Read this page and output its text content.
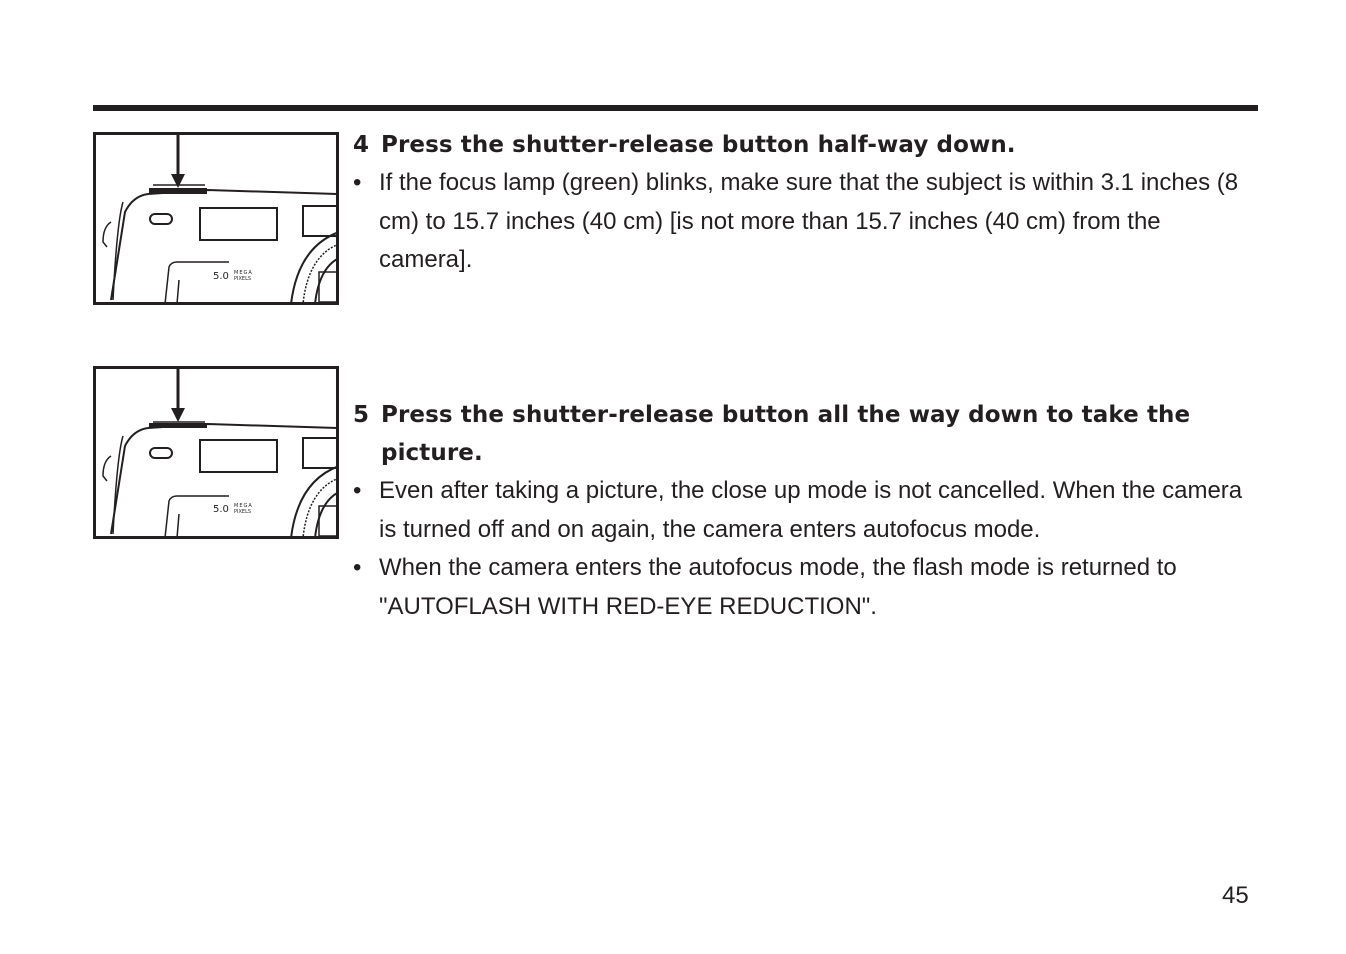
5.0 MEGA
PIXELS
5.0 MEGA
PIXELS
4 Press the shutter-release button half-way down.
• If the focus lamp (green) blinks, make sure that the subject is within 3.1 inches (8 cm) to 15.7 inches (40 cm) [is not more than 15.7 inches (40 cm) from the camera].
5 Press the shutter-release button all the way down to take the picture.
• Even after taking a picture, the close up mode is not cancelled. When the camera is turned off and on again, the camera enters autofocus mode.
• When the camera enters the autofocus mode, the flash mode is returned to "AUTOFLASH WITH RED-EYE REDUCTION".
45
